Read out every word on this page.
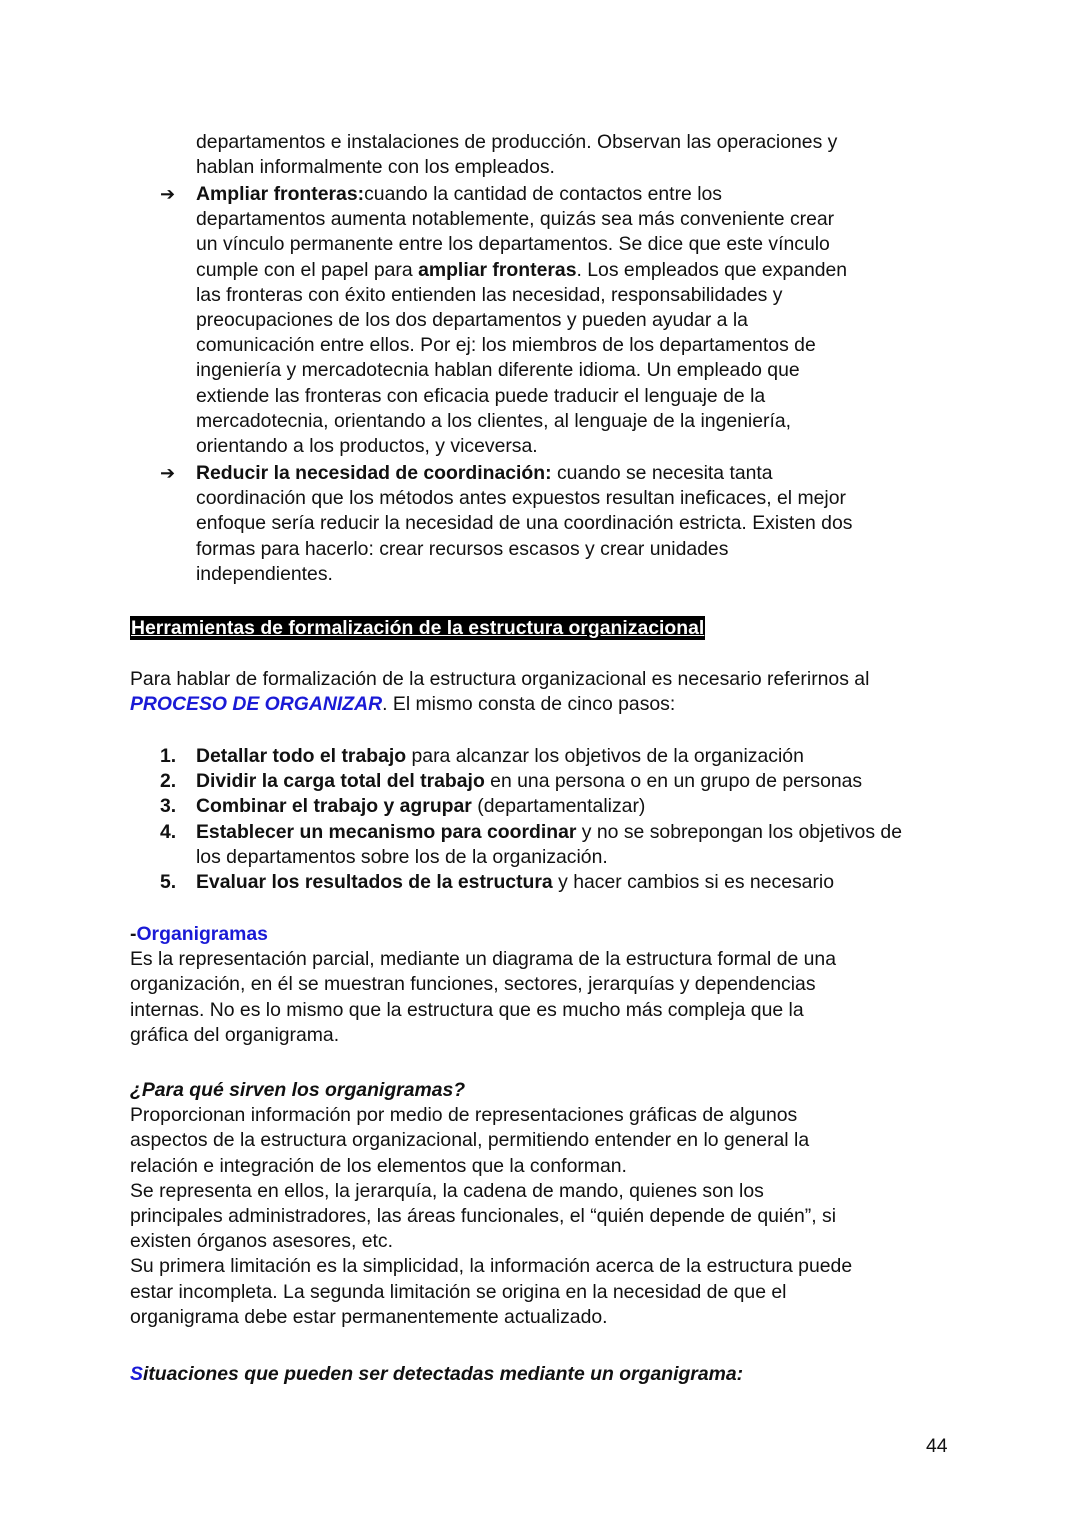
departamentos e instalaciones de producción. Observan las operaciones y
hablan informalmente con los empleados.
➔ Ampliar fronteras:cuando la cantidad de contactos entre los
departamentos aumenta notablemente, quizás sea más conveniente crear
un vínculo permanente entre los departamentos. Se dice que este vínculo
cumple con el papel para ampliar fronteras. Los empleados que expanden
las fronteras con éxito entienden las necesidad, responsabilidades y
preocupaciones de los dos departamentos y pueden ayudar a la
comunicación entre ellos. Por ej: los miembros de los departamentos de
ingeniería y mercadotecnia hablan diferente idioma. Un empleado que
extiende las fronteras con eficacia puede traducir el lenguaje de la
mercadotecnia, orientando a los clientes, al lenguaje de la ingeniería,
orientando a los productos, y viceversa.
➔ Reducir la necesidad de coordinación: cuando se necesita tanta
coordinación que los métodos antes expuestos resultan ineficaces, el mejor
enfoque sería reducir la necesidad de una coordinación estricta. Existen dos
formas para hacerlo: crear recursos escasos y crear unidades
independientes.
Herramientas de formalización de la estructura organizacional
Para hablar de formalización de la estructura organizacional es necesario referirnos al
PROCESO DE ORGANIZAR. El mismo consta de cinco pasos:
1. Detallar todo el trabajo para alcanzar los objetivos de la organización
2. Dividir la carga total del trabajo en una persona o en un grupo de personas
3. Combinar el trabajo y agrupar (departamentalizar)
4. Establecer un mecanismo para coordinar y no se sobrepongan los objetivos de
los departamentos sobre los de la organización.
5. Evaluar los resultados de la estructura y hacer cambios si es necesario
-Organigramas
Es la representación parcial, mediante un diagrama de la estructura formal de una
organización, en él se muestran funciones, sectores, jerarquías y dependencias
internas. No es lo mismo que la estructura que es mucho más compleja que la
gráfica del organigrama.
¿Para qué sirven los organigramas?
Proporcionan información por medio de representaciones gráficas de algunos
aspectos de la estructura organizacional, permitiendo entender en lo general la
relación e integración de los elementos que la conforman.
Se representa en ellos, la jerarquía, la cadena de mando, quienes son los
principales administradores, las áreas funcionales, el “quién depende de quién”, si
existen órganos asesores, etc.
Su primera limitación es la simplicidad, la información acerca de la estructura puede
estar incompleta. La segunda limitación se origina en la necesidad de que el
organigrama debe estar permanentemente actualizado.
Situaciones que pueden ser detectadas mediante un organigrama:
44
